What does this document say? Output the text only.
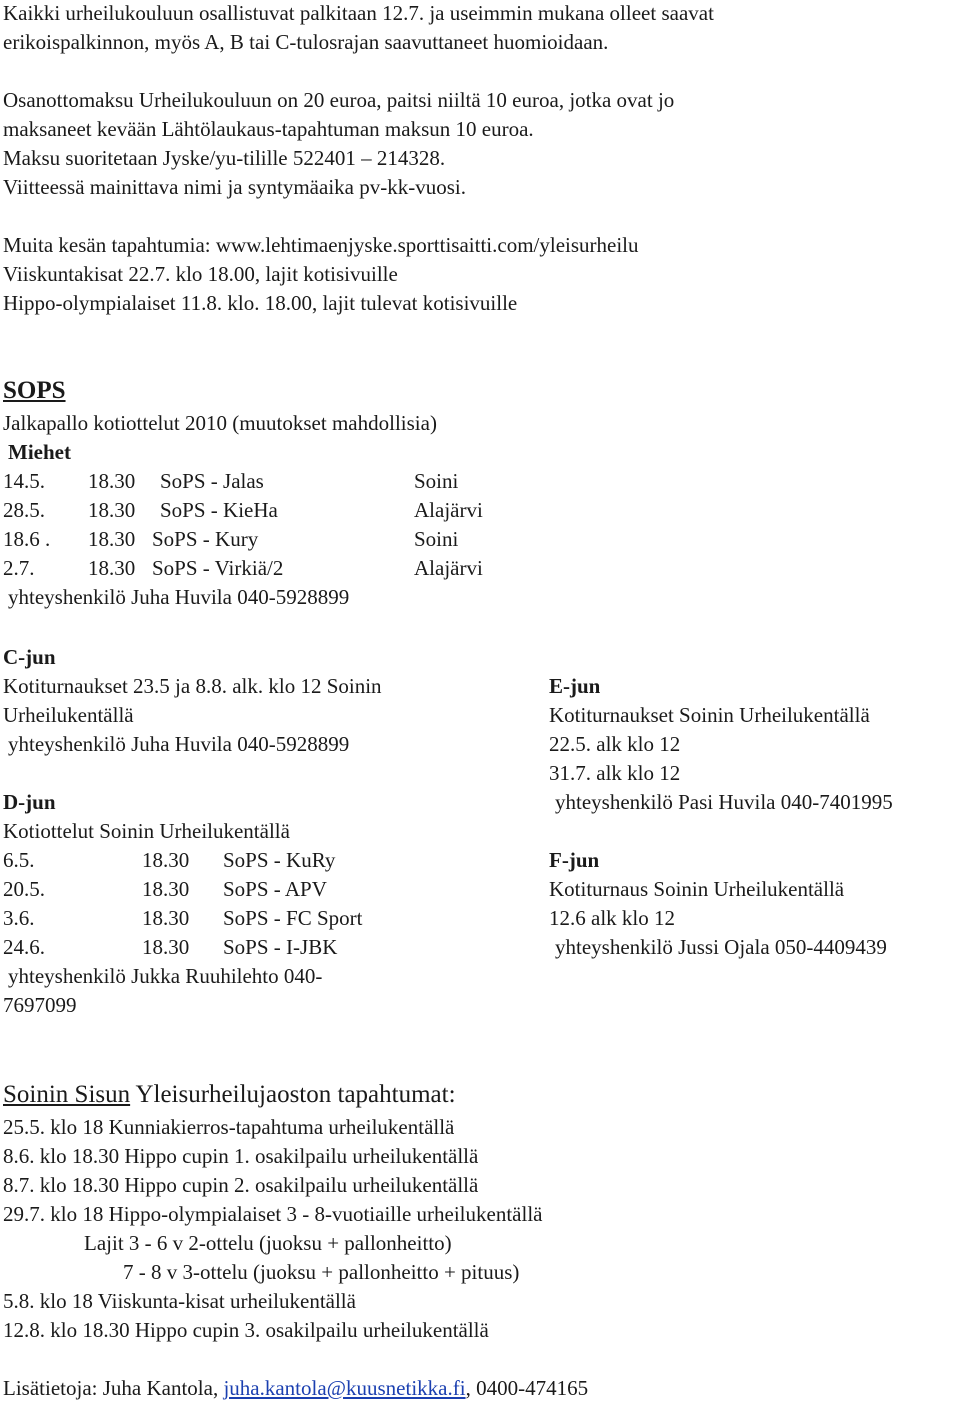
Kaikki urheilukouluun osallistuvat palkitaan 12.7. ja useimmin mukana olleet saavat
erikoispalkinnon, myös A, B tai C-tulosrajan saavuttaneet huomioidaan.
Osanottomaksu Urheilukouluun on 20 euroa, paitsi niiltä 10 euroa, jotka ovat jo
maksaneet kevään Lähtölaukaus-tapahtuman maksun 10 euroa.
Maksu suoritetaan Jyske/yu-tilille 522401 – 214328.
Viitteessä mainittava nimi ja syntymäaika pv-kk-vuosi.
Muita kesän tapahtumia: www.lehtimaenjyske.sporttisaitti.com/yleisurheilu
Viiskuntakisat 22.7. klo 18.00, lajit kotisivuille
Hippo-olympialaiset 11.8. klo. 18.00, lajit tulevat kotisivuille
SOPS
Jalkapallo kotiottelut 2010 (muutokset mahdollisia)
Miehet
14.5. 18.30 SoPS - Jalas	Soini
28.5. 18.30 SoPS - KieHa	Alajärvi
18.6 . 18.30 SoPS - Kury	Soini
2.7.	18.30 SoPS - Virkiä/2	Alajärvi
yhteyshenkilö Juha Huvila 040-5928899
C-jun
Kotiturnaukset 23.5 ja 8.8. alk. klo 12 Soinin
Urheilukentällä
yhteyshenkilö Juha Huvila 040-5928899
D-jun
Kotiottelut Soinin Urheilukentällä
6.5.	18.30 SoPS - KuRy
20.5.	18.30 SoPS - APV
3.6.	18.30 SoPS - FC Sport
24.6.	18.30 SoPS - I-JBK
yhteyshenkilö Jukka Ruuhilehto 040-
7697099
E-jun
Kotiturnaukset Soinin Urheilukentällä
22.5. alk klo 12
31.7. alk klo 12
yhteyshenkilö Pasi Huvila 040-7401995
F-jun
Kotiturnaus Soinin Urheilukentällä
12.6 alk klo 12
yhteyshenkilö Jussi Ojala 050-4409439
Soinin Sisun Yleisurheilujaoston tapahtumat:
25.5. klo 18 Kunniakierros-tapahtuma urheilukentällä
8.6. klo 18.30 Hippo cupin 1. osakilpailu urheilukentällä
8.7. klo 18.30 Hippo cupin 2. osakilpailu urheilukentällä
29.7. klo 18 Hippo-olympialaiset 3 - 8-vuotiaille urheilukentällä
Lajit 3 - 6 v 2-ottelu (juoksu + pallonheitto)
7 - 8 v 3-ottelu (juoksu + pallonheitto + pituus)
5.8. klo 18 Viiskunta-kisat urheilukentällä
12.8. klo 18.30 Hippo cupin 3. osakilpailu urheilukentällä
Lisätietoja: Juha Kantola, juha.kantola@kuusnetikka.fi, 0400-474165
